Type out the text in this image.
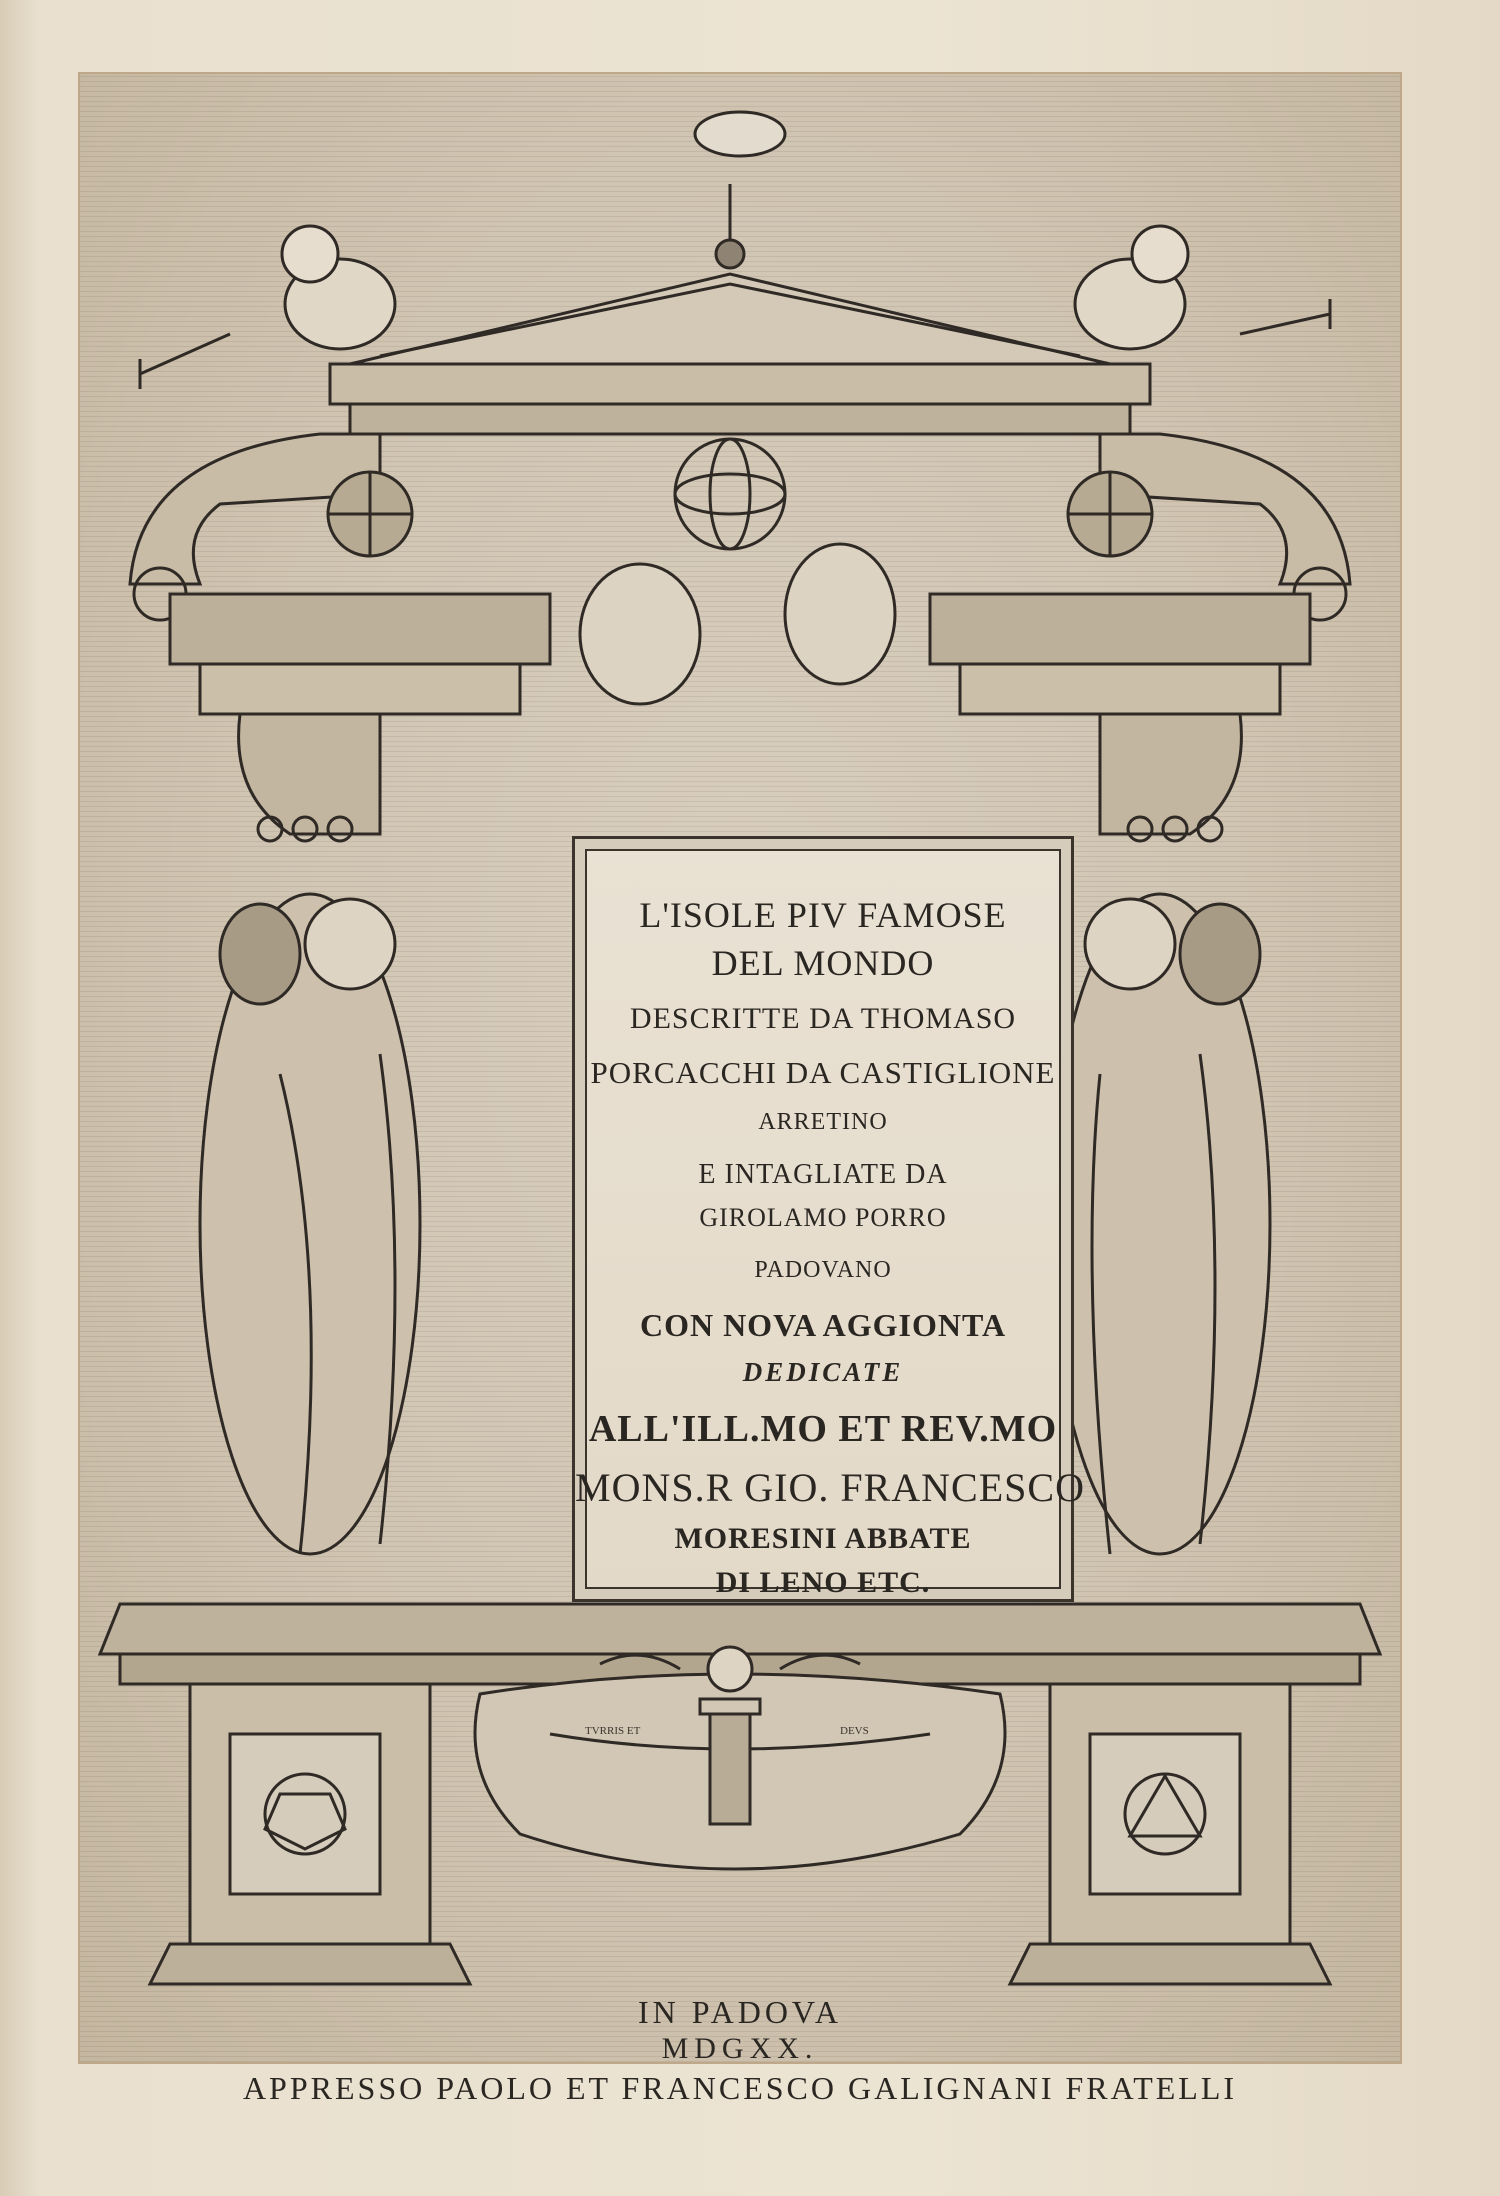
TVRRIS ET	DEVS
L'ISOLE PIV FAMOSE
DEL MONDO
DESCRITTE DA THOMASO
PORCACCHI DA CASTIGLIONE
ARRETINO
E INTAGLIATE DA
GIROLAMO PORRO
PADOVANO
CON NOVA AGGIONTA
DEDICATE
ALL'ILL.MO ET REV.MO
MONS.R GIO. FRANCESCO
MORESINI ABBATE
DI LENO ETC.
IN PADOVA
MDGXX.
APPRESSO PAOLO ET FRANCESCO GALIGNANI FRATELLI
